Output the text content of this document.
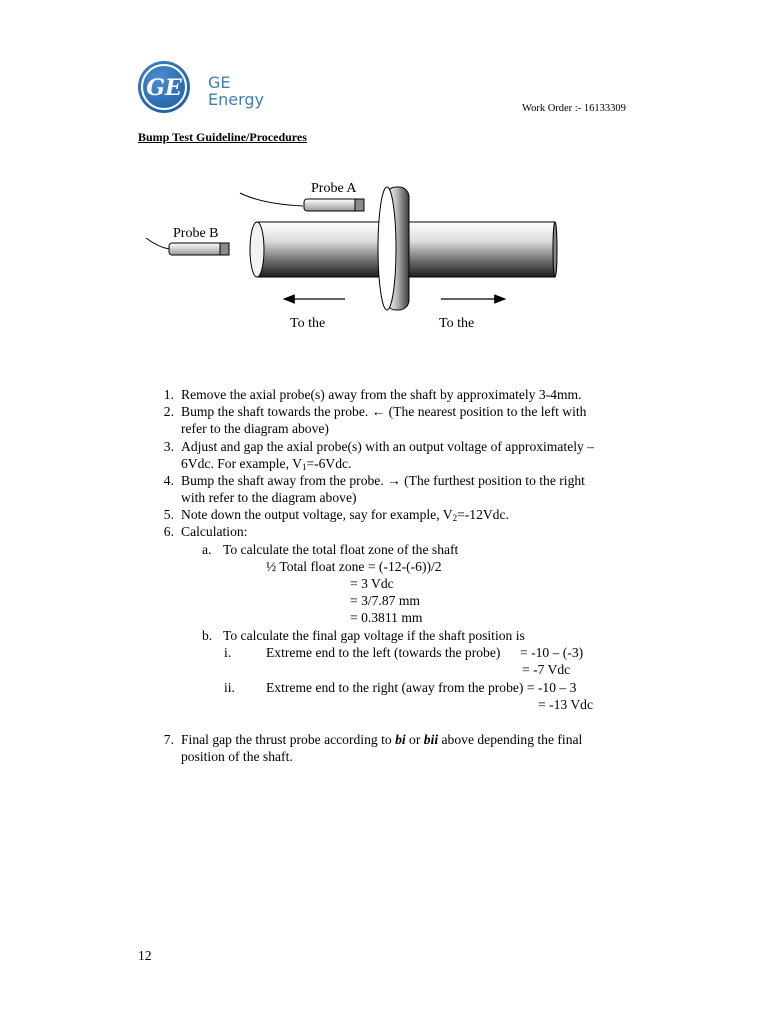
GE GE
Energy	Work Order :- 16133309
Bump Test Guideline/Procedures
Probe A
Probe B
To the	To the
1. Remove the axial probe(s) away from the shaft by approximately 3-4mm.
2. Bump the shaft towards the probe. ← (The nearest position to the left with
refer to the diagram above)
3. Adjust and gap the axial probe(s) with an output voltage of approximately –
6Vdc. For example, $V_1=-6Vdc$.
4. Bump the shaft away from the probe. → (The furthest position to the right
with refer to the diagram above)
5. Note down the output voltage, say for example, $V_2=-12Vdc$.
6. Calculation:
a. To calculate the total float zone of the shaft
½ Total float zone = (-12-(-6))/2
= 3 Vdc
= 3/7.87 mm
= 0.3811 mm
b. To calculate the final gap voltage if the shaft position is
i.	Extreme end to the left (towards the probe) = -10 – (-3)
= -7 Vdc
ii. Extreme end to the right (away from the probe) = -10 – 3
= -13 Vdc
7. Final gap the thrust probe according to bi or bii above depending the final
position of the shaft.
12
